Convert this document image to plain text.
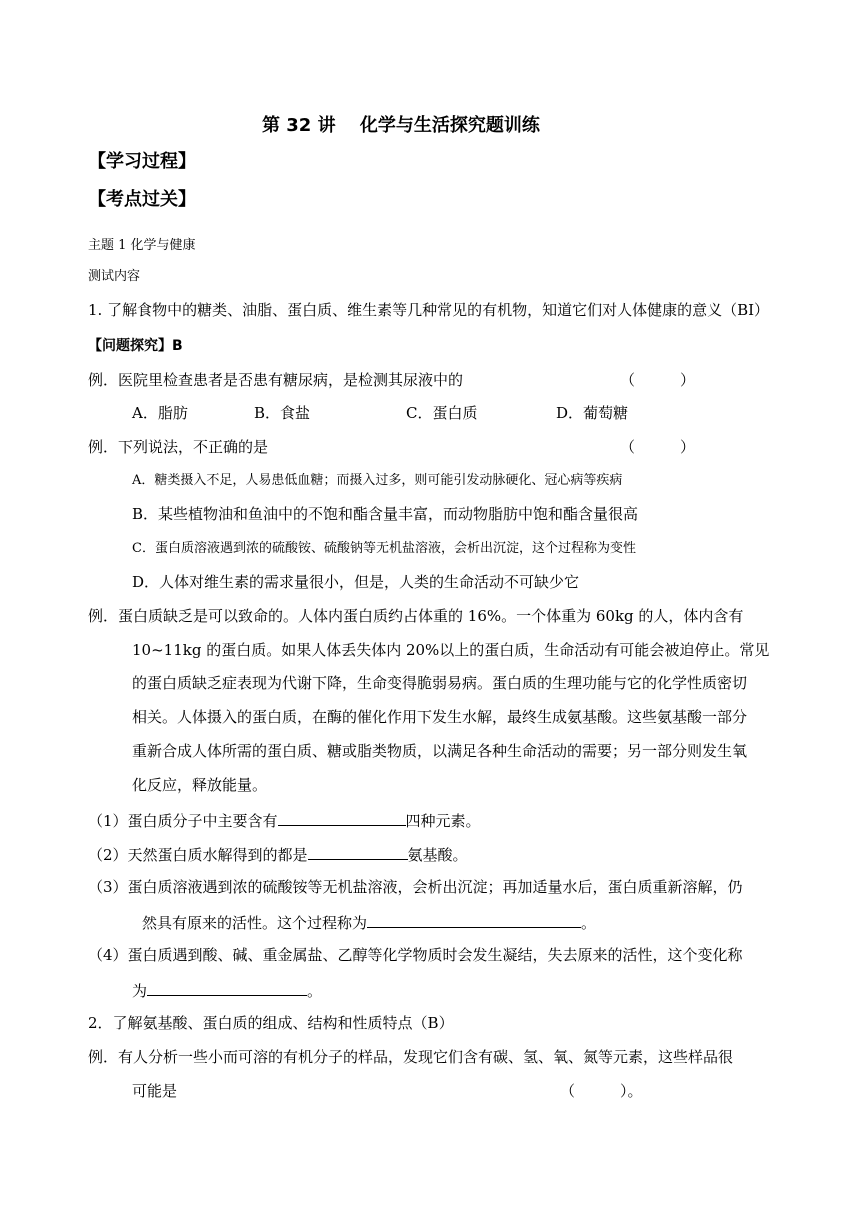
第 32 讲　 化学与生活探究题训练
【学习过程】
【考点过关】
主题 1 化学与健康
测试内容
1. 了解食物中的糖类、油脂、蛋白质、维生素等几种常见的有机物，知道它们对人体健康的意义（BI）
【问题探究】B
例．医院里检查患者是否患有糖尿病，是检测其尿液中的	（　　　）
A．脂肪	B．食盐	C．蛋白质	D．葡萄糖
例．下列说法，不正确的是	（　　　）
A．糖类摄入不足，人易患低血糖；而摄入过多，则可能引发动脉硬化、冠心病等疾病
B．某些植物油和鱼油中的不饱和酯含量丰富，而动物脂肪中饱和酯含量很高
C．蛋白质溶液遇到浓的硫酸铵、硫酸钠等无机盐溶液，会析出沉淀，这个过程称为变性
D．人体对维生素的需求量很小，但是，人类的生命活动不可缺少它
例．蛋白质缺乏是可以致命的。人体内蛋白质约占体重的 16%。一个体重为 60kg 的人，体内含有
10~11kg 的蛋白质。如果人体丢失体内 20%以上的蛋白质，生命活动有可能会被迫停止。常见
的蛋白质缺乏症表现为代谢下降，生命变得脆弱易病。蛋白质的生理功能与它的化学性质密切
相关。人体摄入的蛋白质，在酶的催化作用下发生水解，最终生成氨基酸。这些氨基酸一部分
重新合成人体所需的蛋白质、糖或脂类物质，以满足各种生命活动的需要；另一部分则发生氧
化反应，释放能量。
（1）蛋白质分子中主要含有	四种元素。
（2）天然蛋白质水解得到的都是	氨基酸。
（3）蛋白质溶液遇到浓的硫酸铵等无机盐溶液，会析出沉淀；再加适量水后，蛋白质重新溶解，仍
然具有原来的活性。这个过程称为	。
（4）蛋白质遇到酸、碱、重金属盐、乙醇等化学物质时会发生凝结，失去原来的活性，这个变化称
为	。
2．了解氨基酸、蛋白质的组成、结构和性质特点（B）
例．有人分析一些小而可溶的有机分子的样品，发现它们含有碳、氢、氧、氮等元素，这些样品很
可能是	（　　　）。
